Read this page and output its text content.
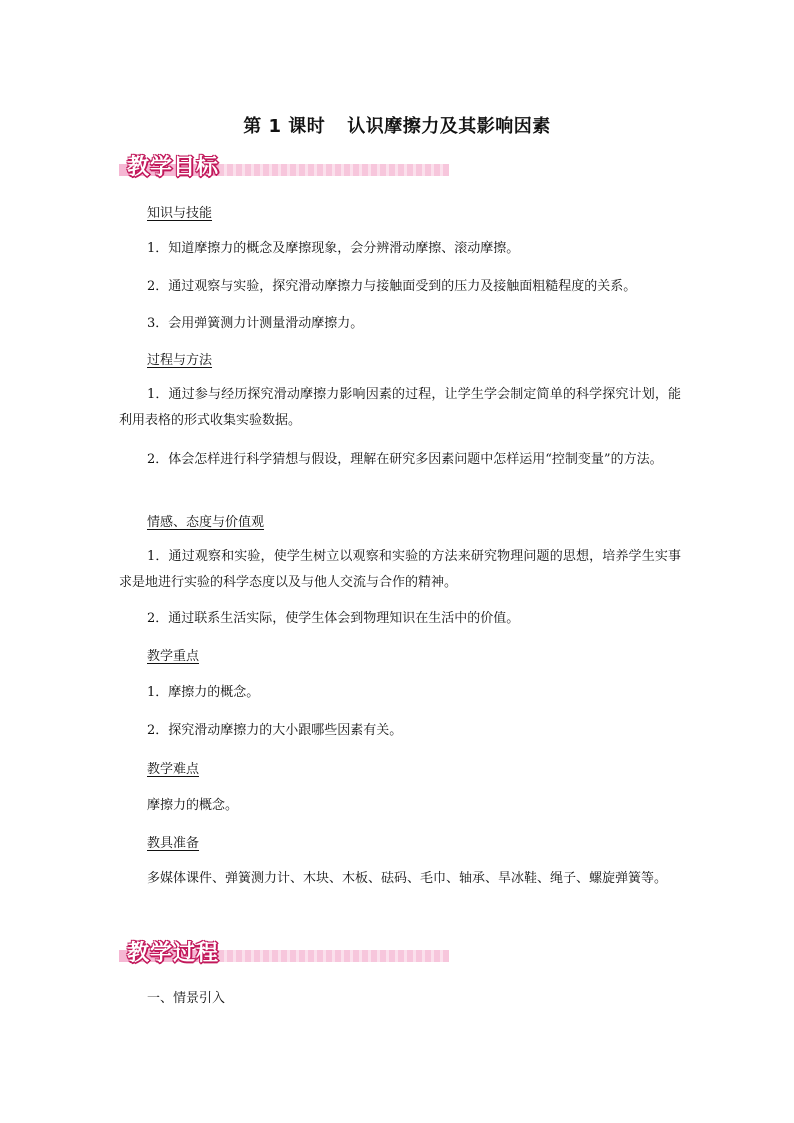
第 1 课时 认识摩擦力及其影响因素
教学目标
知识与技能
1．知道摩擦力的概念及摩擦现象，会分辨滑动摩擦、滚动摩擦。
2．通过观察与实验，探究滑动摩擦力与接触面受到的压力及接触面粗糙程度的关系。
3．会用弹簧测力计测量滑动摩擦力。
过程与方法
1．通过参与经历探究滑动摩擦力影响因素的过程，让学生学会制定简单的科学探究计划，能利用表格的形式收集实验数据。
2．体会怎样进行科学猜想与假设，理解在研究多因素问题中怎样运用“控制变量”的方法。
情感、态度与价值观
1．通过观察和实验，使学生树立以观察和实验的方法来研究物理问题的思想，培养学生实事求是地进行实验的科学态度以及与他人交流与合作的精神。
2．通过联系生活实际，使学生体会到物理知识在生活中的价值。
教学重点
1．摩擦力的概念。
2．探究滑动摩擦力的大小跟哪些因素有关。
教学难点
摩擦力的概念。
教具准备
多媒体课件、弹簧测力计、木块、木板、砝码、毛巾、轴承、旱冰鞋、绳子、螺旋弹簧等。
教学过程
一、情景引入
